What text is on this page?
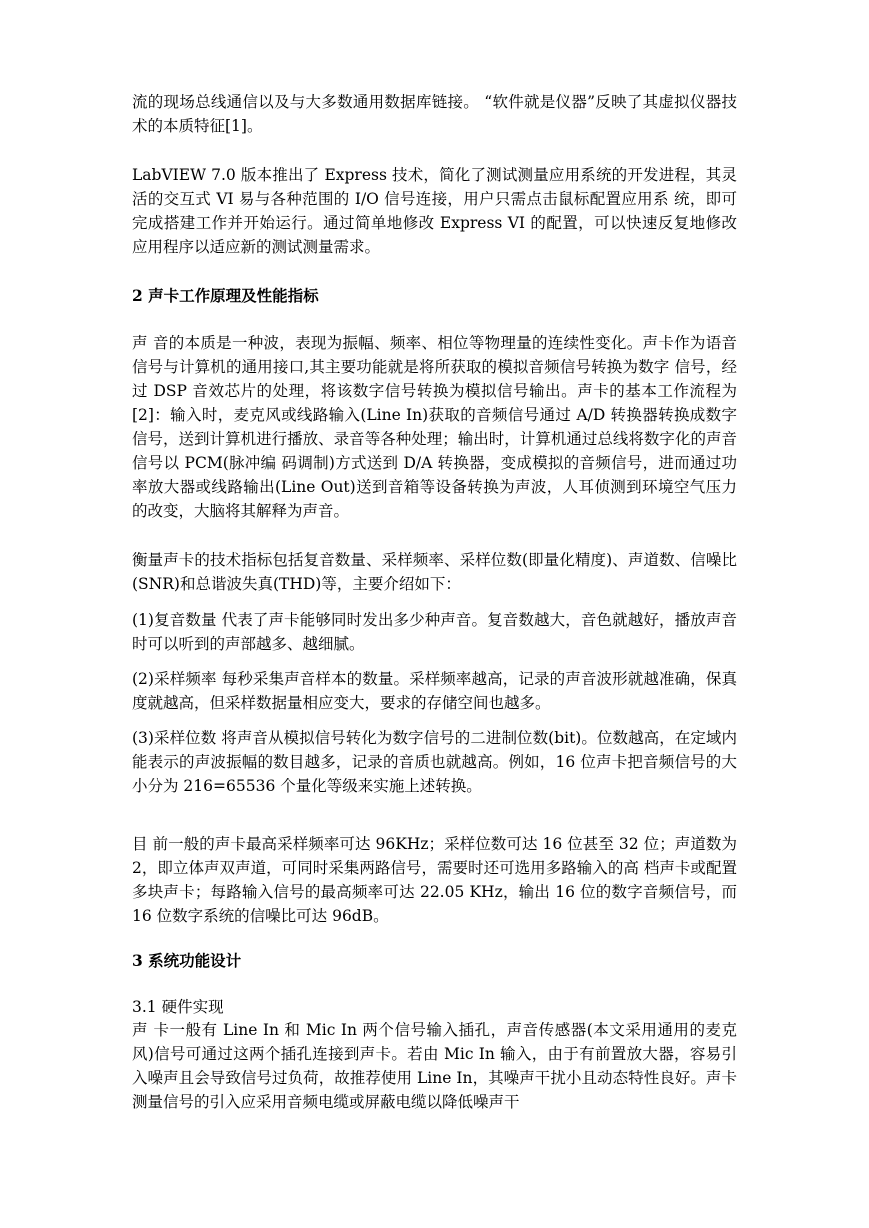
流的现场总线通信以及与大多数通用数据库链接。 “软件就是仪器”反映了其虚拟仪器技术的本质特征[1]。

LabVIEW 7.0 版本推出了 Express 技术，简化了测试测量应用系统的开发进程，其灵活的交互式 VI 易与各种范围的 I/O 信号连接，用户只需点击鼠标配置应用系 统，即可完成搭建工作并开始运行。通过简单地修改 Express VI 的配置，可以快速反复地修改应用程序以适应新的测试测量需求。

2 声卡工作原理及性能指标

声 音的本质是一种波，表现为振幅、频率、相位等物理量的连续性变化。声卡作为语音信号与计算机的通用接口,其主要功能就是将所获取的模拟音频信号转换为数字 信号，经过 DSP 音效芯片的处理，将该数字信号转换为模拟信号输出。声卡的基本工作流程为[2]：输入时，麦克风或线路输入(Line In)获取的音频信号通过 A/D 转换器转换成数字信号，送到计算机进行播放、录音等各种处理；输出时，计算机通过总线将数字化的声音信号以 PCM(脉冲编 码调制)方式送到 D/A 转换器，变成模拟的音频信号，进而通过功率放大器或线路输出(Line Out)送到音箱等设备转换为声波，人耳侦测到环境空气压力的改变，大脑将其解释为声音。

衡量声卡的技术指标包括复音数量、采样频率、采样位数(即量化精度)、声道数、信噪比(SNR)和总谐波失真(THD)等，主要介绍如下：

(1)复音数量 代表了声卡能够同时发出多少种声音。复音数越大，音色就越好，播放声音时可以听到的声部越多、越细腻。

(2)采样频率 每秒采集声音样本的数量。采样频率越高，记录的声音波形就越准确，保真度就越高，但采样数据量相应变大，要求的存储空间也越多。

(3)采样位数 将声音从模拟信号转化为数字信号的二进制位数(bit)。位数越高，在定域内能表示的声波振幅的数目越多，记录的音质也就越高。例如，16 位声卡把音频信号的大小分为 216=65536 个量化等级来实施上述转换。

目 前一般的声卡最高采样频率可达 96KHz；采样位数可达 16 位甚至 32 位；声道数为 2，即立体声双声道，可同时采集两路信号，需要时还可选用多路输入的高 档声卡或配置多块声卡；每路输入信号的最高频率可达 22.05 KHz，输出 16 位的数字音频信号，而 16 位数字系统的信噪比可达 96dB。

3 系统功能设计

3.1 硬件实现

声 卡一般有 Line In 和 Mic In 两个信号输入插孔，声音传感器(本文采用通用的麦克风)信号可通过这两个插孔连接到声卡。若由 Mic In 输入，由于有前置放大器，容易引入噪声且会导致信号过负荷，故推荐使用 Line In，其噪声干扰小且动态特性良好。声卡测量信号的引入应采用音频电缆或屏蔽电缆以降低噪声干
